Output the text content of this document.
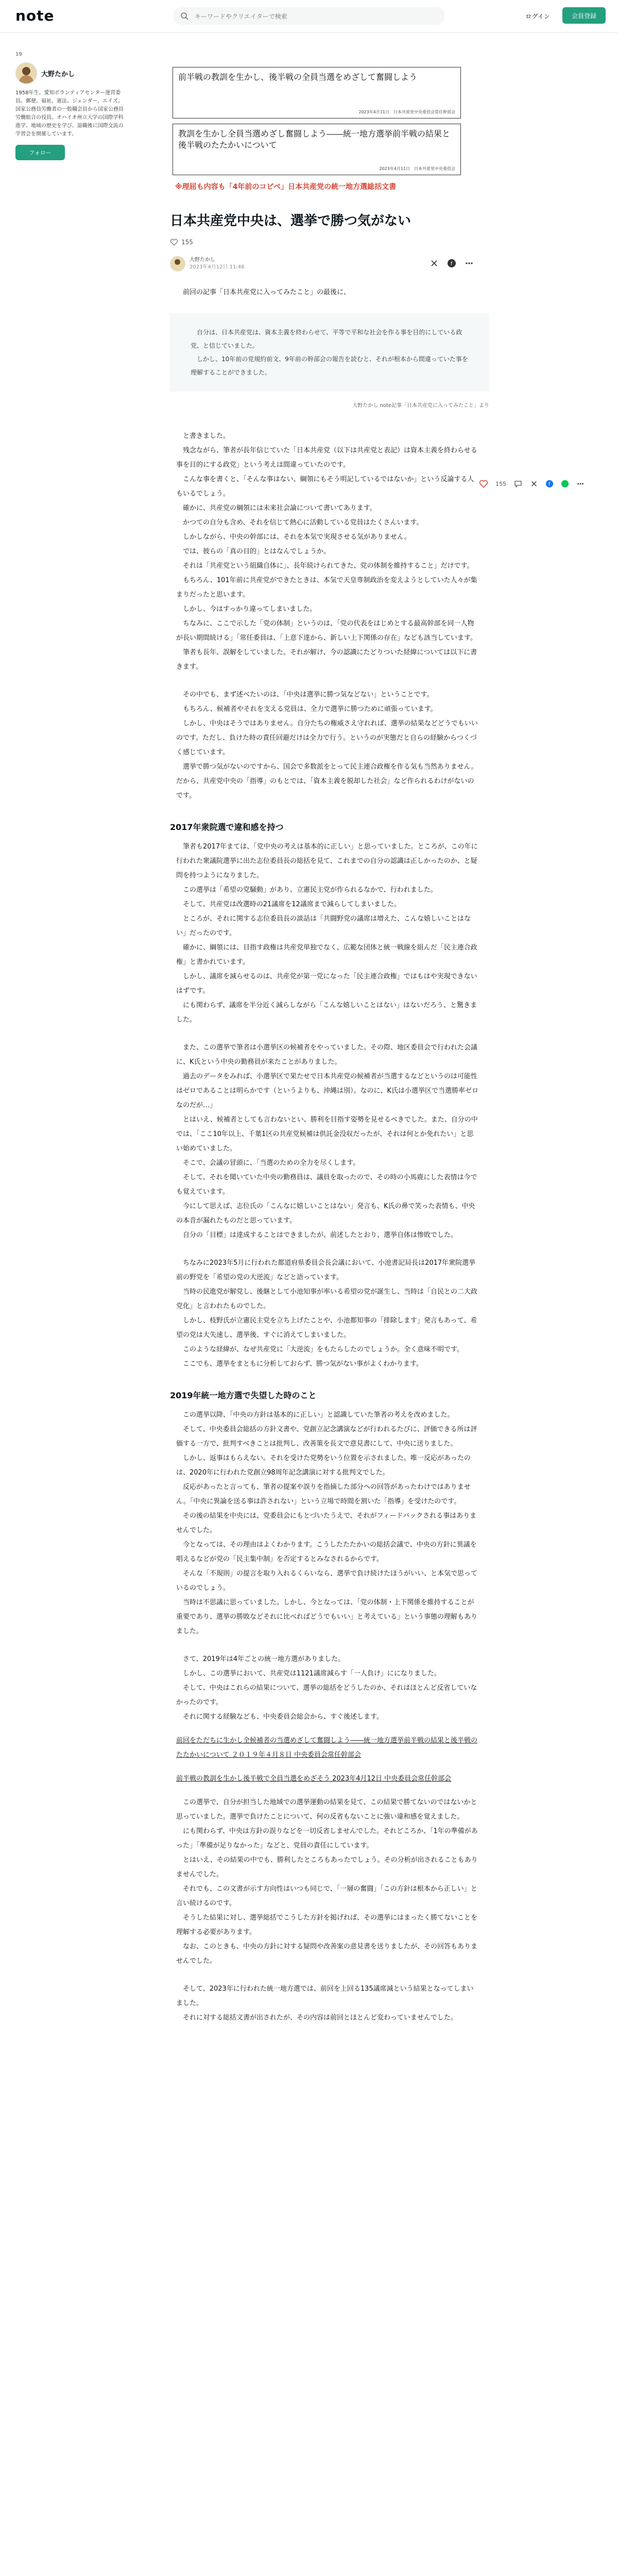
note
キーワードやクリエイターで検索	ログイン	会員登録
19
大野たかし
1958年生。愛知ボランティアセンター運営委員。郵便、福祉、憲法、ジェンダー、エイズ。国家公務員労働者の一般職会員から国家公務員労働組合の役員。オハイオ州立大学の国際学科進学、地域の歴史を学び、退職後に国際交流の学習会を開催しています。
フォロー
前半戦の教訓を生かし、後半戦の全員当選をめざして奮闘しよう
2023年4月11日　日本共産党中央委員会常任幹部会
教訓を生かし全員当選めざし奮闘しよう――統一地方選挙前半戦の結果と後半戦のたたかいについて
2023年4月11日　日本共産党中央委員会
※理屈も内容も「4年前のコピペ」日本共産党の統一地方選総括文書
日本共産党中央は、選挙で勝つ気がない
155
大野たかし
2023年4月12日 11:46
f

前回の記事「日本共産党に入ってみたこと」の最後に、

自分は、日本共産党は、資本主義を終わらせて、平等で平和な社会を作る事を目的にしている政党、と信じていました。

しかし、10年前の党規約前文、9年前の幹部会の報告を読むと、それが根本から間違っていた事を理解することができました。

大野たかし note記事「日本共産党に入ってみたこと」より

と書きました。

残念ながら、筆者が長年信じていた「日本共産党（以下は共産党と表記）は資本主義を終わらせる事を目的にする政党」という考えは間違っていたのです。

こんな事を書くと、「そんな事はない、綱領にもそう明記しているではないか」という反論する人もいるでしょう。

確かに、共産党の綱領には未来社会論について書いてあります。

かつての自分も含め、それを信じて熱心に活動している党員はたくさんいます。

しかしながら、中央の幹部には、それを本気で実現させる気がありません。

では、彼らの「真の目的」とはなんでしょうか。

それは「共産党という組織自体に」、長年続けられてきた、党の体制を維持すること」だけです。

もちろん、101年前に共産党ができたときは、本気で天皇専制政治を変えようとしていた人々が集まりだったと思います。

しかし、今はすっかり違ってしまいました。

ちなみに、ここで示した「党の体制」というのは、「党の代表をはじめとする最高幹部を同一人物が長い期間続ける」「常任委員は、「上意下達から、新しい上下関係の存在」なども該当しています。

筆者も長年、誤解をしていました。それが解け、今の認識にたどりついた経緯については以下に書きます。

その中でも、まず述べたいのは、「中央は選挙に勝つ気などない」ということです。

もちろん、候補者やそれを支える党員は、全力で選挙に勝つために頑張っています。

しかし、中央はそうではありません。自分たちの権威さえ守れれば、選挙の結果などどうでもいいのです。ただし、負けた時の責任回避だけは全力で行う。というのが実態だと自らの経験からつくづく感じています。

選挙で勝つ気がないのですから、国会で多数派をとって民主連合政権を作る気も当然ありません。だから、共産党中央の「指導」のもとでは、「資本主義を脱却した社会」など作られるわけがないのです。

2017年衆院選で違和感を持つ

筆者も2017年まては、「党中央の考えは基本的に正しい」と思っていました。ところが、この年に行われた衆議院選挙に出た志位委員長の総括を見て、これまでの自分の認識は正しかったのか、と疑問を持つようになりました。

この選挙は「希望の党騒動」があり、立憲民主党が作られるなかで、行われました。

そして、共産党は改選時の21議席を12議席まで減らしてしまいました。

ところが、それに関する志位委員長の談話は「共闘野党の議席は増えた、こんな嬉しいことはない」だったのです。

確かに、綱領には、目指す政権は共産党単独でなく、広範な団体と統一戦線を組んだ「民主連合政権」と書かれています。

しかし、議席を減らせるのは、共産党が第一党になった「民主連合政権」ではもはや実現できないはずです。

にも関わらず、議席を半分近く減らしながら「こんな嬉しいことはない」はないだろう、と驚きました。

また、この選挙で筆者は小選挙区の候補者をやっていました。その際、地区委員会で行われた会議に、K氏という中央の勤務員が来たことがありました。

過去のデータをみれば、小選挙区で果たせで日本共産党の候補者が当選するなどというのは可能性はゼロであることは明らかです（というよりも、沖縄は別）。なのに、K氏は小選挙区で当選勝率ゼロなのだが…」

とはいえ、候補者としても言わないとい、勝利を目指す姿勢を見せるべきでした。また、自分の中では、「ここ10年以上、千葉1区の共産党候補は供託金没収だったが、それは何とか免れたい」と思い始めていました。

そこで、会議の冒頭に、「当選のための全力を尽くします。

そして、それを聞いていた中央の勤務員は、議員を取ったので、その時の小馬鹿にした表情は今でも覚えています。

今にして思えば、志位氏の「こんなに嬉しいことはない」発言も、K氏の鼻で笑った表情も、中央の本音が漏れたものだと思っています。

自分の「目標」は達成することはできましたが、前述したとおり、選挙自体は惨敗でした。

ちなみに2023年5月に行われた都道府県委員会長会議において、小池書記局長は2017年衆院選挙前の野党を「希望の党の大逆流」などと語っています。

当時の民進党が解党し、後継として小池知事が率いる希望の党が誕生し、当時は「自民との二大政党化」と言われたものでした。

しかし、枝野氏が立憲民主党を立ち上げたことや、小池都知事の「排除します」発言もあって、希望の党は大失速し、選挙後、すぐに消えてしまいました。

このような経緯が、なぜ共産党に「大逆流」をもたらしたのでしょうか。全く意味不明です。

ここでも、選挙をまともに分析しておらず、勝つ気がない事がよくわかります。

2019年統一地方選で失望した時のこと

この選挙以降、「中央の方針は基本的に正しい」と認識していた筆者の考えを改めました。

そして、中央委員会総括の方針文書や、党創立記念講演などが行われるたびに、評価できる所は評価する一方で、批判すべきことは批判し、改善策を長文で意見書にして、中央に送りました。

しかし、返事はもらえない。それを受けた党勢をいう位置を示されました。唯一反応があったのは、2020年に行われた党創立98周年記念講演に対する批判文でした。

反応があったと言っても、筆者の提案や誤りを指摘した部分への回答があったわけではありません。「中央に異論を送る事は許されない」という立場で時間を割いた「指導」を受けたのです。

その後の結果を中央には、党委員会にもとづいたうえで、それがフィードバックされる事はありませんでした。

今となっては、その理由はよくわかります。こうしたたたかいの総括会議で、中央の方針に異議を唱えるなどが党の「民主集中制」を否定するとみなされるからです。

そんな「不規則」の提言を取り入れるくらいなら、選挙で負け続けたほうがいい、と本気で思っているのでしょう。

当時は不思議に思っていました。しかし、今となっては、「党の体制・上下関係を維持することが重要であり、選挙の勝敗などそれに比べればどうでもいい」と考えている」という事態の理解もありました。

さて、2019年は4年ごとの統一地方選がありました。

しかし、この選挙において、共産党は1121議席減らす「一人負け」にになりました。

そして、中央はこれらの結果について、選挙の総括をどうしたのか、それはほとんど反省していなかったのです。

それに関する経験なども、中央委員会総会から、すぐ後述します。

前回をただちに生かし全候補者の当選めざして奮闘しよう――統一地方選挙前半戦の結果と後半戦のたたかいについて ２０１９年４月８日 中央委員会常任幹部会
前半戦の教訓を生かし後半戦で全員当選をめざそう 2023年4月12日 中央委員会常任幹部会

この選挙で、自分が担当した地域での選挙運動の結果を見て、この結果で勝てないのではないかと思っていました。選挙で負けたことについて、何の反省もないことに強い違和感を覚えました。

にも関わらず、中央は方針の誤りなどを一切反省しませんでした。それどころか、「1年の準備があった」「準備が足りなかった」などと、党員の責任にしています。

とはいえ、その結果の中でも、勝利したところもあったでしょう。その分析が出されることもありませんでした。

それでも、この文書が示す方向性はいつも同じで、「一層の奮闘」「この方針は根本から正しい」と言い続けるのです。

そうした結果に対し、選挙総括でこうした方針を掲げれば、その選挙にはまったく勝てないことを理解する必要があります。

なお、このときも、中央の方針に対する疑問や改善案の意見書を送りましたが、その回答もありませんでした。

そして、2023年に行われた統一地方選では、前回を上回る135議席減という結果となってしまいました。

それに対する総括文書が出されたが、その内容は前回とほとんど変わっていませんでした。

155	f
